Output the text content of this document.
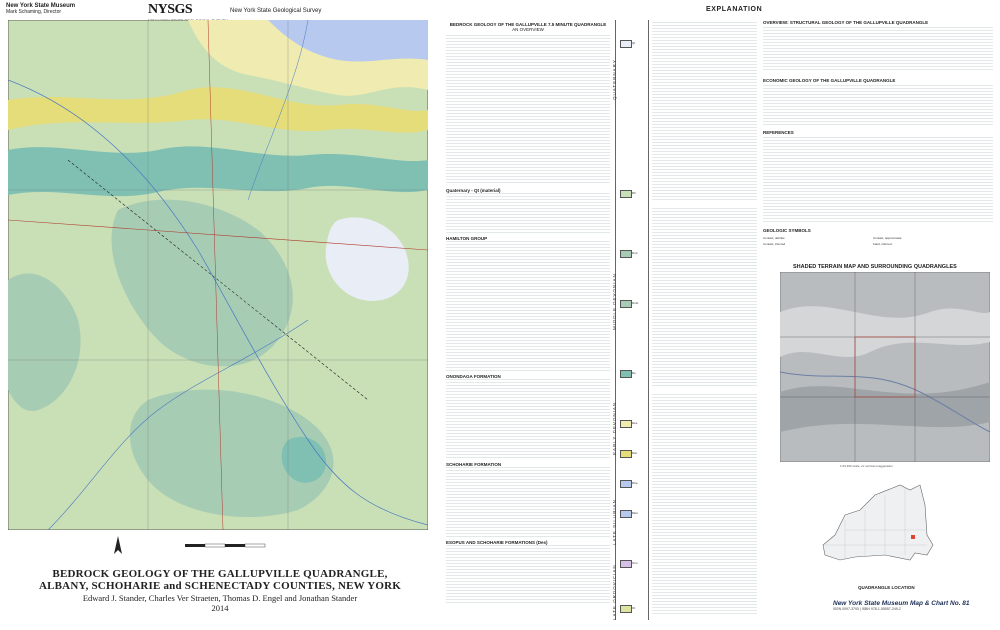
New York State Museum
Mark Schaming, Director	NYSGS	New York State Geological Survey
BEDROCK GEOLOGY OF THE GALLUPVILLE QUADRANGLE,
ALBANY, SCHOHARIE and SCHENECTADY COUNTIES, NEW YORK
Edward J. Stander, Charles Ver Straeten, Thomas D. Engel and Jonathan Stander
2014
BEDROCK GEOLOGY OF THE GALLUPVILLE 7.5 MINUTE QUADRANGLE
AN OVERVIEW
Quaternary - Qt (material)
HAMILTON GROUP
ONONDAGA FORMATION
SCHOHARIE FORMATION
ESOPUS AND SCHOHARIE FORMATIONS (Des)
EXPLANATION
QUATERNARY
MIDDLE DEVONIAN
EARLY DEVONIAN
LATE SILURIAN
LATE ORDOVICIAN
Qt
Dh
Dmt
Dmb
Do
Des
Dsc
Dhe
Dkm
Srm
Ot
OVERVIEW: STRUCTURAL GEOLOGY OF THE GALLUPVILLE QUADRANGLE
ECONOMIC GEOLOGY OF THE GALLUPVILLE QUADRANGLE
REFERENCES
GEOLOGIC SYMBOLS
Contact, definite
Contact, inferred
Contact, approximate
Fault, inferred
SHADED TERRAIN MAP AND SURROUNDING QUADRANGLES
1:63,360 scale, 2x vertical exaggeration
QUADRANGLE LOCATION
New York State Museum Map & Chart No. 81
ISSN 0097-3793 | ISBN 978-1-55557-249-2
